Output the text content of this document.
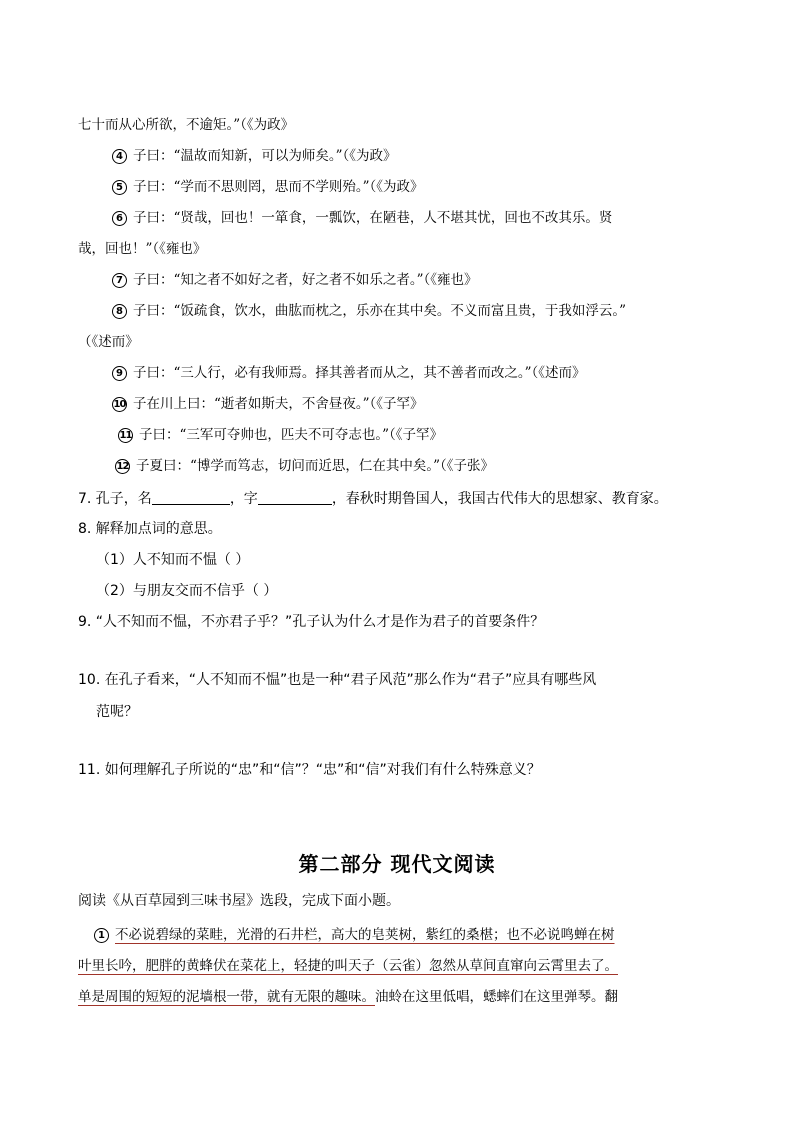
七十而从心所欲，不逾矩。”（《为政》
4 子曰：“温故而知新，可以为师矣。”（《为政》
5 子曰：“学而不思则罔，思而不学则殆。”（《为政》
6 子曰：“贤哉，回也！一箪食，一瓢饮，在陋巷，人不堪其忧，回也不改其乐。贤
哉，回也！”（《雍也》
7 子曰：“知之者不如好之者，好之者不如乐之者。”（《雍也》
8 子曰：“饭疏食，饮水，曲肱而枕之，乐亦在其中矣。不义而富且贵，于我如浮云。”
（《述而》
9 子曰：“三人行，必有我师焉。择其善者而从之，其不善者而改之。”（《述而》
10 子在川上曰：“逝者如斯夫，不舍昼夜。”（《子罕》
11 子曰：“三军可夺帅也，匹夫不可夺志也。”（《子罕》
12 子夏曰：“博学而笃志，切问而近思，仁在其中矣。”（《子张》
7. 孔子，名	，字	，春秋时期鲁国人，我国古代伟大的思想家、教育家。
8. 解释加点词的意思。
（1）人不知而不愠（ ）
（2）与朋友交而不信乎（ ）
9. “人不知而不愠，不亦君子乎？”孔子认为什么才是作为君子的首要条件？
10. 在孔子看来，“人不知而不愠”也是一种“君子风范”那么作为“君子”应具有哪些风
范呢？
11. 如何理解孔子所说的“忠”和“信”？“忠”和“信”对我们有什么特殊意义？
第二部分 现代文阅读
阅读《从百草园到三味书屋》选段，完成下面小题。
1 不必说碧绿的菜畦，光滑的石井栏，高大的皂荚树，紫红的桑椹；也不必说鸣蝉在树
叶里长吟，肥胖的黄蜂伏在菜花上，轻捷的叫天子（云雀）忽然从草间直窜向云霄里去了。
单是周围的短短的泥墙根一带，就有无限的趣味。油蛉在这里低唱，蟋蟀们在这里弹琴。翻
